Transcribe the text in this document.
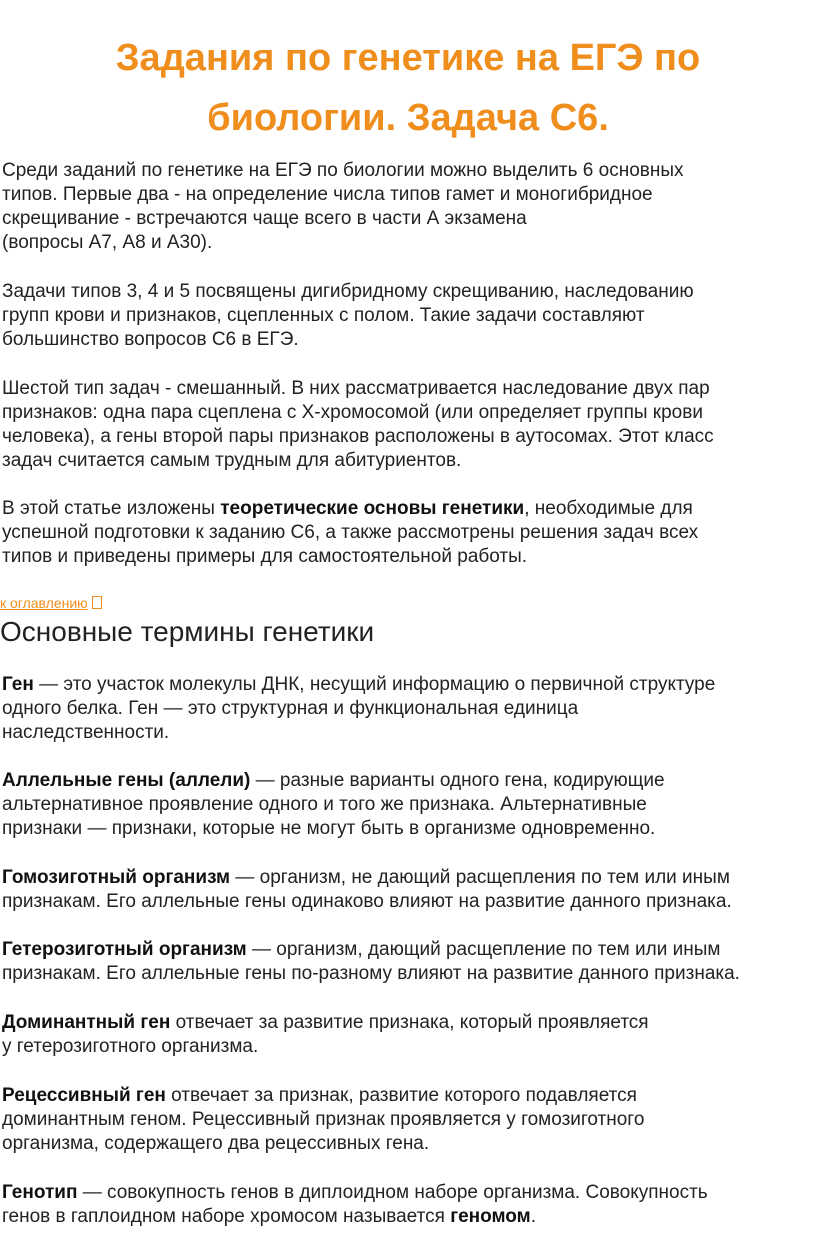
Задания по генетике на ЕГЭ по
биологии. Задача С6.
Среди заданий по генетике на ЕГЭ по биологии можно выделить 6 основных
типов. Первые два - на определение числа типов гамет и моногибридное
скрещивание - встречаются чаще всего в части А экзамена
(вопросы А7, А8 и А30).
Задачи типов 3, 4 и 5 посвящены дигибридному скрещиванию, наследованию
групп крови и признаков, сцепленных с полом. Такие задачи составляют
большинство вопросов С6 в ЕГЭ.
Шестой тип задач - смешанный. В них рассматривается наследование двух пар
признаков: одна пара сцеплена с Х-хромосомой (или определяет группы крови
человека), а гены второй пары признаков расположены в аутосомах. Этот класс
задач считается самым трудным для абитуриентов.
В этой статье изложены теоретические основы генетики, необходимые для
успешной подготовки к заданию С6, а также рассмотрены решения задач всех
типов и приведены примеры для самостоятельной работы.
к оглавлению
Основные термины генетики
Ген — это участок молекулы ДНК, несущий информацию о первичной структуре
одного белка. Ген — это структурная и функциональная единица
наследственности.
Аллельные гены (аллели) — разные варианты одного гена, кодирующие
альтернативное проявление одного и того же признака. Альтернативные
признаки — признаки, которые не могут быть в организме одновременно.
Гомозиготный организм — организм, не дающий расщепления по тем или иным
признакам. Его аллельные гены одинаково влияют на развитие данного признака.
Гетерозиготный организм — организм, дающий расщепление по тем или иным
признакам. Его аллельные гены по-разному влияют на развитие данного признака.
Доминантный ген отвечает за развитие признака, который проявляется
у гетерозиготного организма.
Рецессивный ген отвечает за признак, развитие которого подавляется
доминантным геном. Рецессивный признак проявляется у гомозиготного
организма, содержащего два рецессивных гена.
Генотип — совокупность генов в диплоидном наборе организма. Совокупность
генов в гаплоидном наборе хромосом называется геномом.
